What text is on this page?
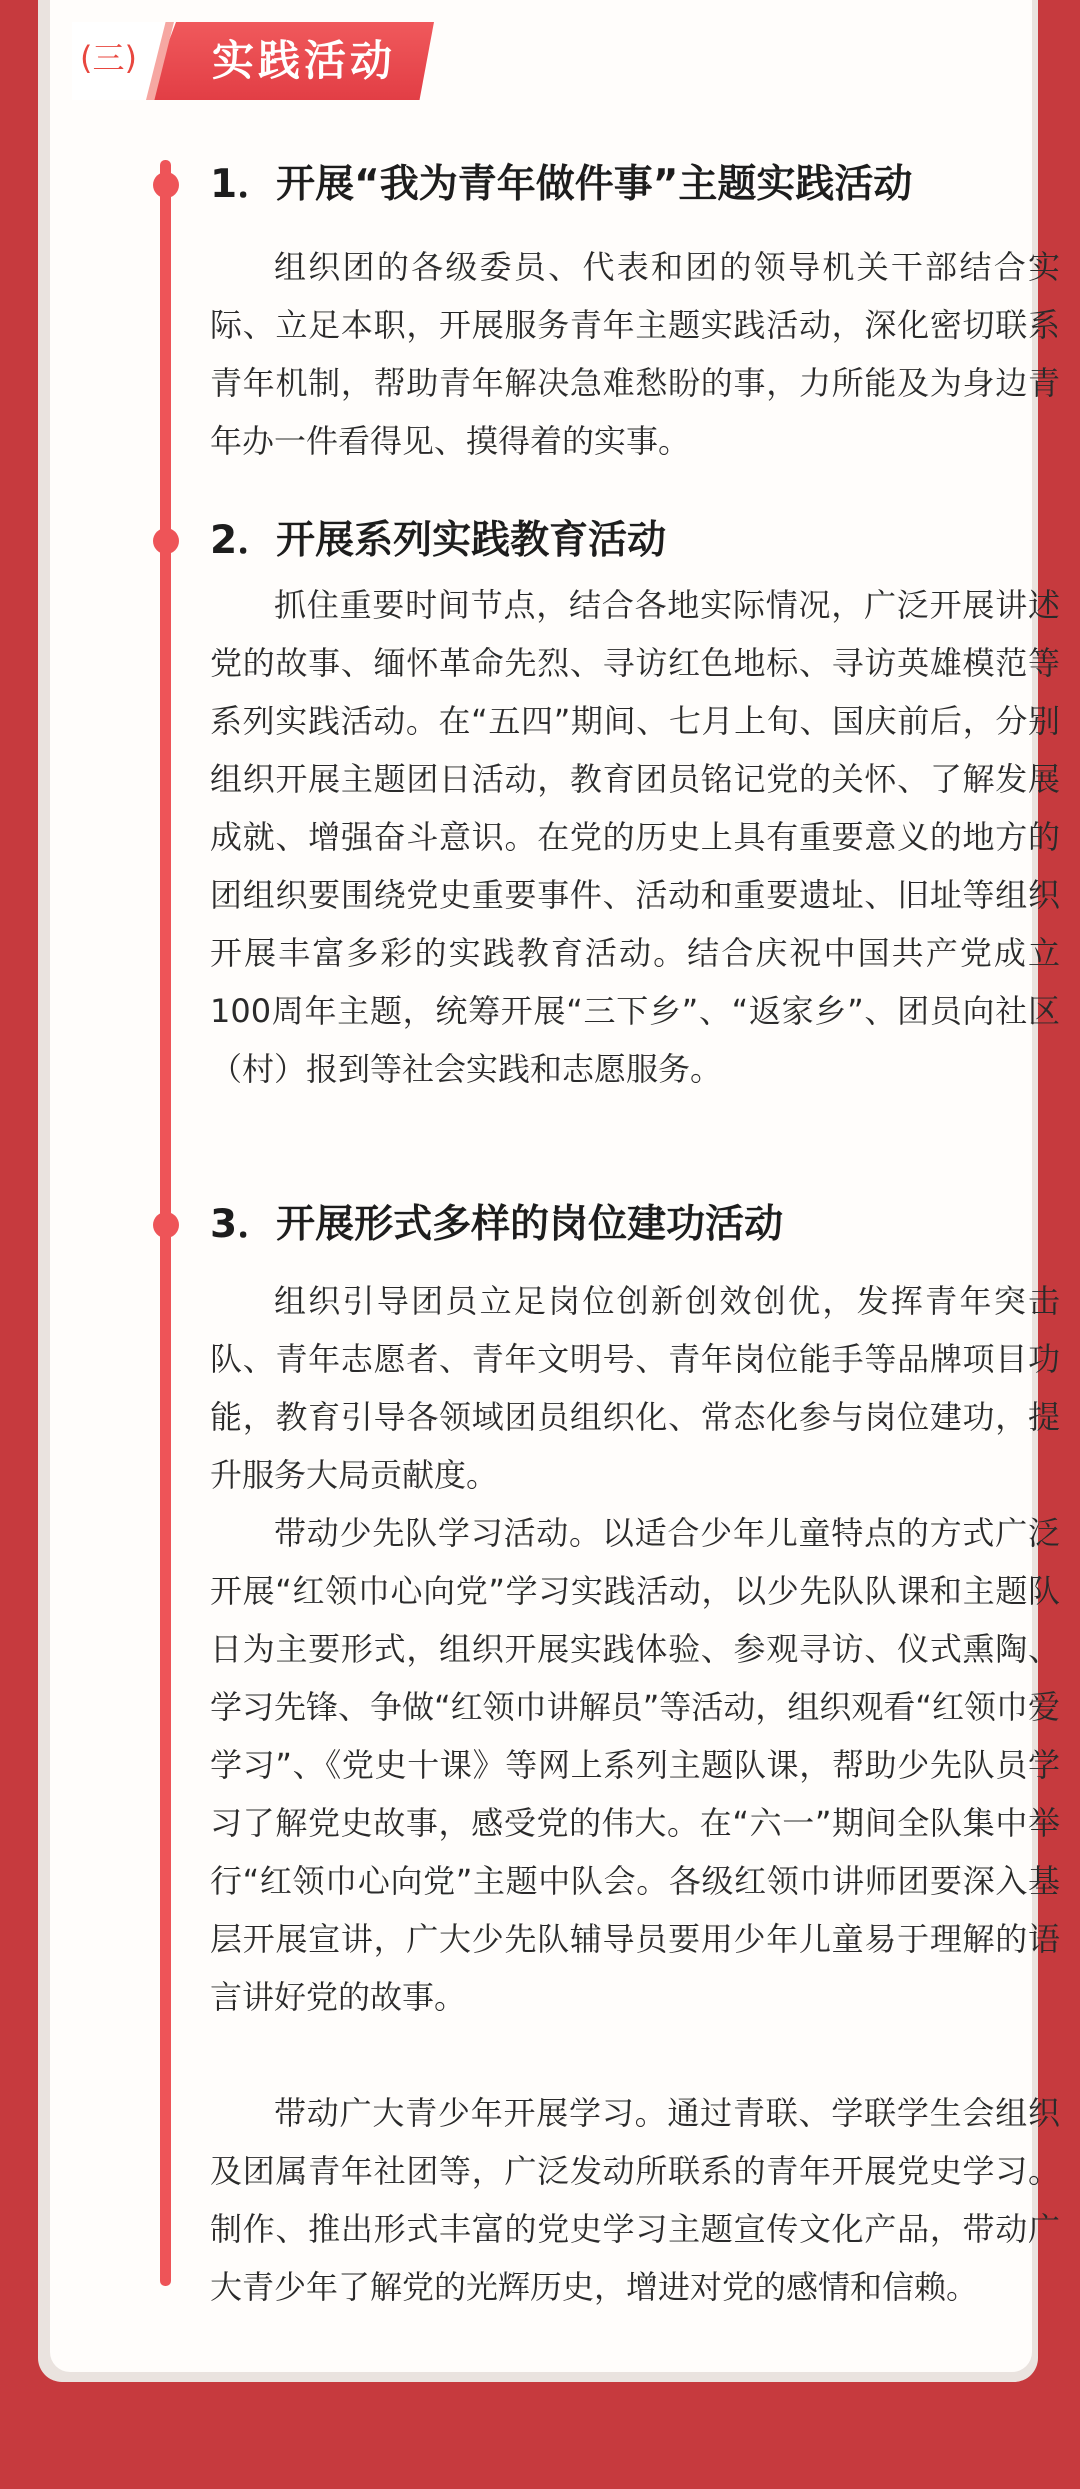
(三) 实践活动
1．开展“我为青年做件事”主题实践活动

组织团的各级委员、代表和团的领导机关干部结合实际、立足本职，开展服务青年主题实践活动，深化密切联系青年机制，帮助青年解决急难愁盼的事，力所能及为身边青年办一件看得见、摸得着的实事。

2．开展系列实践教育活动

抓住重要时间节点，结合各地实际情况，广泛开展讲述党的故事、缅怀革命先烈、寻访红色地标、寻访英雄模范等系列实践活动。在“五四”期间、七月上旬、国庆前后，分别组织开展主题团日活动，教育团员铭记党的关怀、了解发展成就、增强奋斗意识。在党的历史上具有重要意义的地方的团组织要围绕党史重要事件、活动和重要遗址、旧址等组织开展丰富多彩的实践教育活动。结合庆祝中国共产党成立100周年主题，统筹开展“三下乡”、“返家乡”、团员向社区（村）报到等社会实践和志愿服务。

3．开展形式多样的岗位建功活动

组织引导团员立足岗位创新创效创优，发挥青年突击队、青年志愿者、青年文明号、青年岗位能手等品牌项目功能，教育引导各领域团员组织化、常态化参与岗位建功，提升服务大局贡献度。

带动少先队学习活动。以适合少年儿童特点的方式广泛开展“红领巾心向党”学习实践活动，以少先队队课和主题队日为主要形式，组织开展实践体验、参观寻访、仪式熏陶、学习先锋、争做“红领巾讲解员”等活动，组织观看“红领巾爱学习”、《党史十课》等网上系列主题队课，帮助少先队员学习了解党史故事，感受党的伟大。在“六一”期间全队集中举行“红领巾心向党”主题中队会。各级红领巾讲师团要深入基层开展宣讲，广大少先队辅导员要用少年儿童易于理解的语言讲好党的故事。

带动广大青少年开展学习。通过青联、学联学生会组织及团属青年社团等，广泛发动所联系的青年开展党史学习。制作、推出形式丰富的党史学习主题宣传文化产品，带动广大青少年了解党的光辉历史，增进对党的感情和信赖。
